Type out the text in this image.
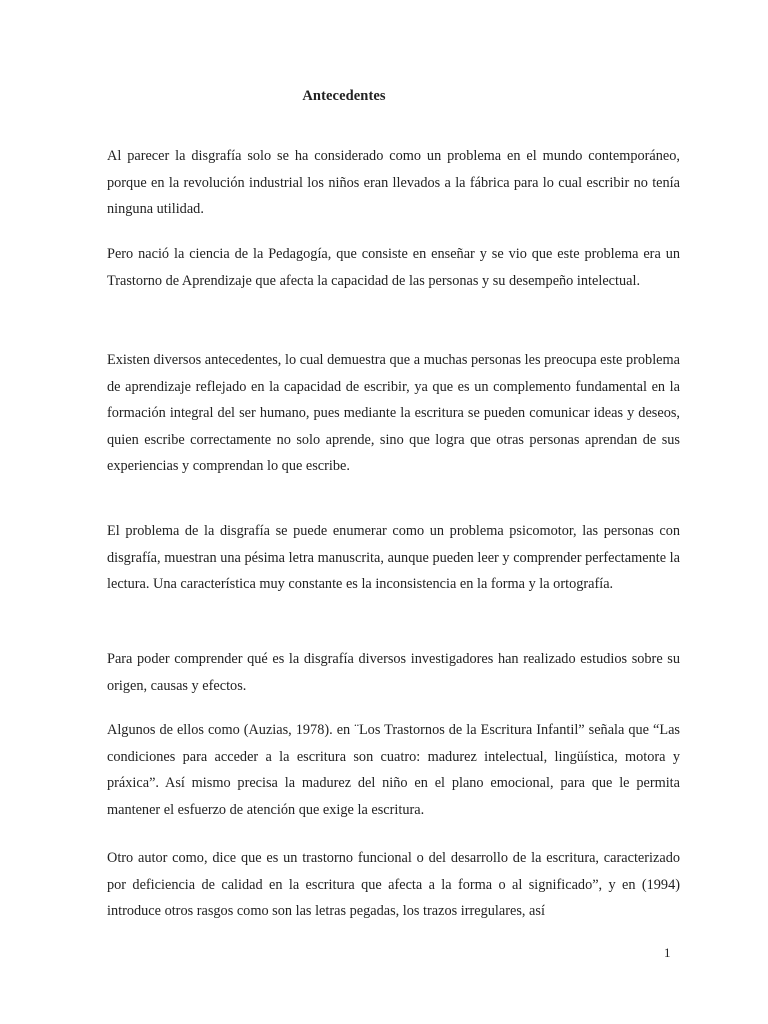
Antecedentes

Al parecer la disgrafía solo se ha considerado como un problema en el mundo contemporáneo, porque en la revolución industrial los niños eran llevados a la fábrica para lo cual escribir no tenía ninguna utilidad.

Pero nació la ciencia de la Pedagogía, que consiste en enseñar y se vio que este problema era un Trastorno de Aprendizaje que afecta la capacidad de las personas y su desempeño intelectual.

Existen diversos antecedentes, lo cual demuestra que a muchas personas les preocupa este problema de aprendizaje reflejado en la capacidad de escribir, ya que es un complemento fundamental en la formación integral del ser humano, pues mediante la escritura se pueden comunicar ideas y deseos, quien escribe correctamente no solo aprende, sino que logra que otras personas aprendan de sus experiencias y comprendan lo que escribe.

El problema de la disgrafía se puede enumerar como un problema psicomotor, las personas con disgrafía, muestran una pésima letra manuscrita, aunque pueden leer y comprender perfectamente la lectura. Una característica muy constante es la inconsistencia en la forma y la ortografía.

Para poder comprender qué es la disgrafía diversos investigadores han realizado estudios sobre su origen, causas y efectos.

Algunos de ellos como (Auzias, 1978). en ¨Los Trastornos de la Escritura Infantil” señala que “Las condiciones para acceder a la escritura son cuatro: madurez intelectual, lingüística, motora y práxica”. Así mismo precisa la madurez del niño en el plano emocional, para que le permita mantener el esfuerzo de atención que exige la escritura.

Otro autor como, dice que es un trastorno funcional o del desarrollo de la escritura, caracterizado por deficiencia de calidad en la escritura que afecta a la forma o al significado”, y en (1994) introduce otros rasgos como son las letras pegadas, los trazos irregulares, así

1
